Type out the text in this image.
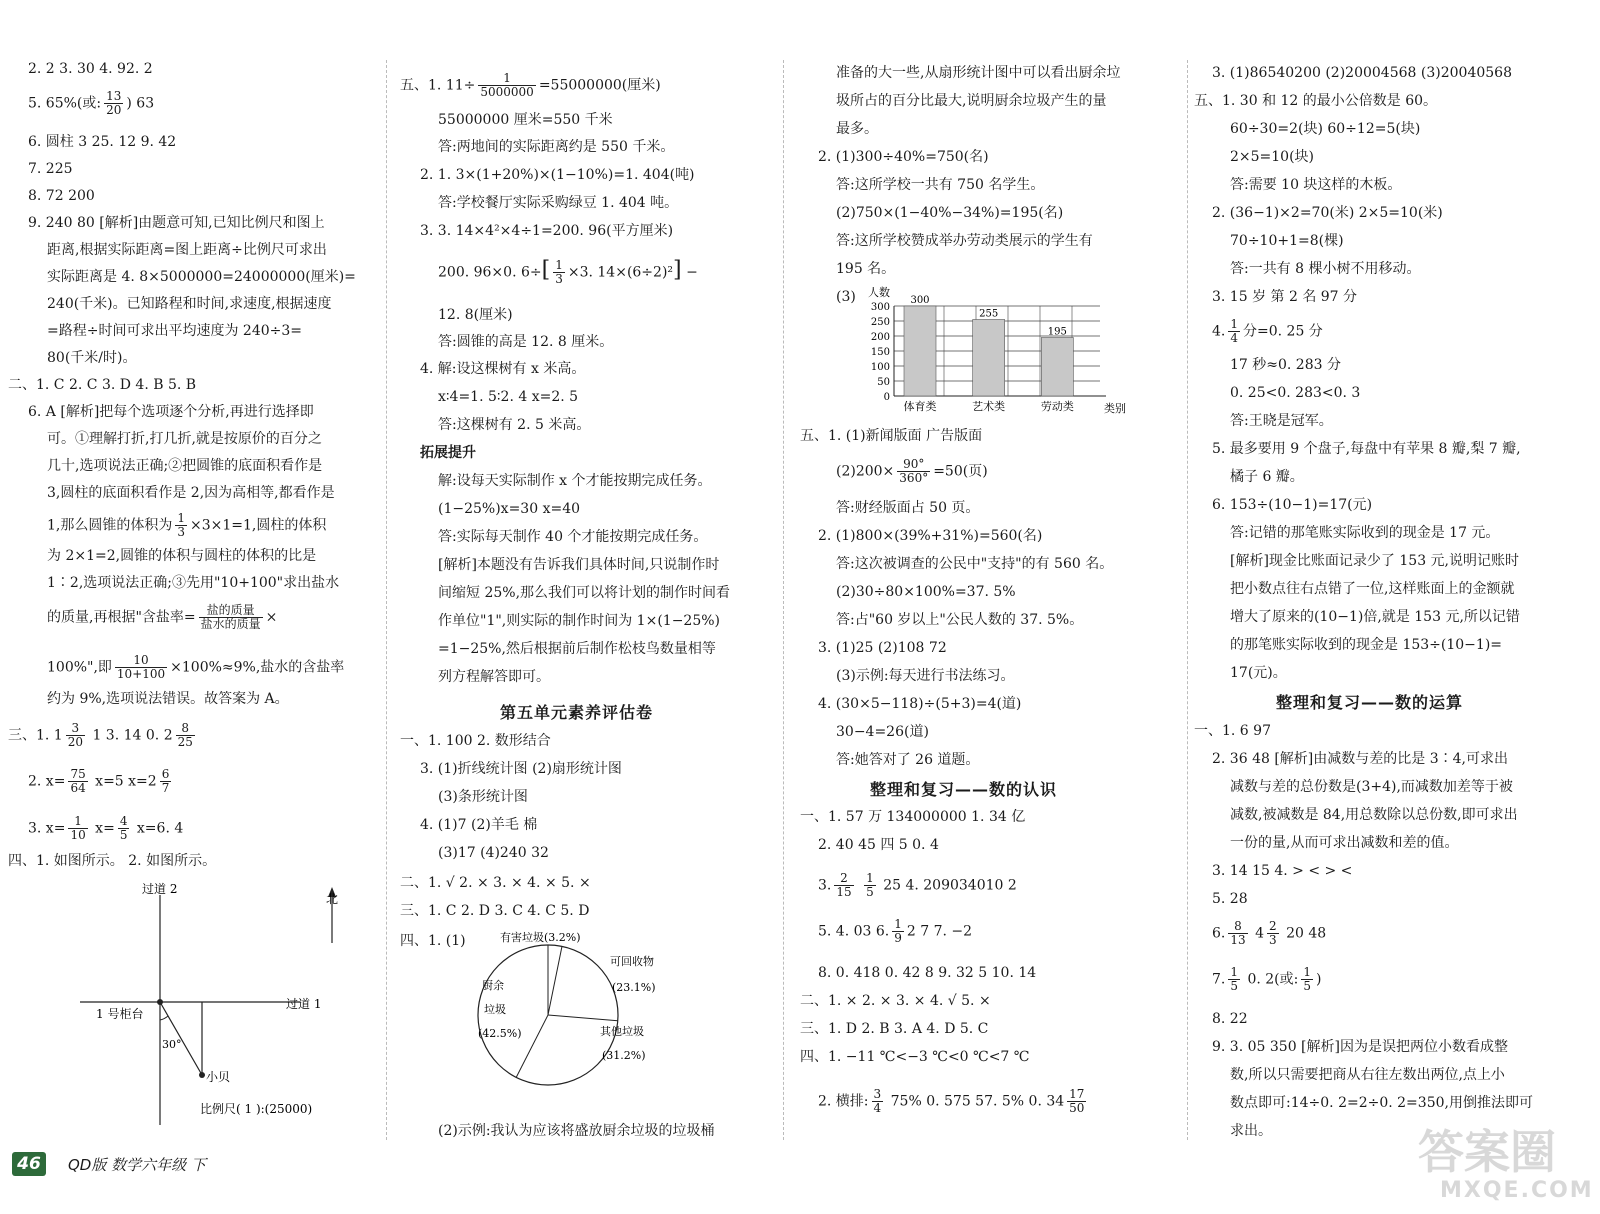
2. 2 3. 30 4. 92. 2
5. 65%(或: $\frac{13}{20}$ ) 63
6. 圆柱 3 25. 12 9. 42
7. 225
8. 72 200
9. 240 80 [解析]由题意可知,已知比例尺和图上
距离,根据实际距离=图上距离÷比例尺可求出
实际距离是 4. 8×5000000=24000000(厘米)=
240(千米)。已知路程和时间,求速度,根据速度
=路程÷时间可求出平均速度为 240÷3=
80(千米/时)。
二、1. C 2. C 3. D 4. B 5. B
6. A [解析]把每个选项逐个分析,再进行选择即
可。①理解打折,打几折,就是按原价的百分之
几十,选项说法正确;②把圆锥的底面积看作是
3,圆柱的底面积看作是 2,因为高相等,都看作是
1,那么圆锥的体积为 $\frac{1}{3} \times 3\times 1=1$,圆柱的体积
为 2×1=2,圆锥的体积与圆柱的体积的比是
1∶2,选项说法正确;③先用"10+100"求出盐水
的质量,再根据"含盐率= $\frac{\text{盐的质量}}{\text{盐水的质量}}$ ×
100%",即 $\frac{10}{10+100} \times 100\%\approx 9\%$,盐水的含盐率
约为 9%,选项说法错误。故答案为 A。
三、1. $1 \frac{3}{20} 1$ 3. 14 0. $2 \frac{8}{25}$
2. $x= \frac{75}{64} x=5$ $x=2 \frac{6}{7}$
3. $x= \frac{1}{10} x= \frac{4}{5} x=6$. 4
四、1. 如图所示。 2. 如图所示。
过道 2
过道 1
1 号柜台
30°
小贝
比例尺( 1 ):(25000)
北
五、1. $11\div \frac{1}{5000000} =55000000$(厘米)
55000000 厘米=550 千米
答:两地间的实际距离约是 550 千米。
2. 1. 3×(1+20%)×(1−10%)=1. 404(吨)
答:学校餐厅实际采购绿豆 1. 404 吨。
3. 3. 14×4²×4÷1=200. 96(平方厘米)
200. 96×0. $6\div[ \frac{1}{3} \times 3$. 14×(6÷2)²] −
12. 8(厘米)
答:圆锥的高是 12. 8 厘米。
4. 解:设这棵树有 x 米高。
x∶4=1. 5∶2. 4 x=2. 5
答:这棵树有 2. 5 米高。
拓展提升
解:设每天实际制作 x 个才能按期完成任务。
(1−25%)x=30 x=40
答:实际每天制作 40 个才能按期完成任务。
[解析]本题没有告诉我们具体时间,只说制作时
间缩短 25%,那么我们可以将计划的制作时间看
作单位"1",则实际的制作时间为 1×(1−25%)
=1−25%,然后根据前后制作松枝鸟数量相等
列方程解答即可。
第五单元素养评估卷
一、1. 100 2. 数形结合
3. (1)折线统计图 (2)扇形统计图
(3)条形统计图
4. (1)7 (2)羊毛 棉
(3)17 (4)240 32
二、1. √ 2. × 3. × 4. × 5. ×
三、1. C 2. D 3. C 4. C 5. D
四、1. (1)	有害垃圾(3.2%)
可回收物
(23.1%)
厨余
垃圾
(42.5%)	其他垃圾
(31.2%)
(2)示例:我认为应该将盛放厨余垃圾的垃圾桶
准备的大一些,从扇形统计图中可以看出厨余垃
圾所占的百分比最大,说明厨余垃圾产生的量
最多。
2. (1)300÷40%=750(名)
答:这所学校一共有 750 名学生。
(2)750×(1−40%−34%)=195(名)
答:这所学校赞成举办劳动类展示的学生有
195 名。
(3) 人数
0
50
100
150
200
250
300
300
体育类
255
艺术类
195
劳动类	类别
五、1. (1)新闻版面 广告版面
$(2)200\times \frac{90^\circ}{360^\circ} =50$(页)
答:财经版面占 50 页。
2. (1)800×(39%+31%)=560(名)
答:这次被调查的公民中"支持"的有 560 名。
(2)30÷80×100%=37. 5%
答:占"60 岁以上"公民人数的 37. 5%。
3. (1)25 (2)108 72
(3)示例:每天进行书法练习。
4. (30×5−118)÷(5+3)=4(道)
30−4=26(道)
答:她答对了 26 道题。
整理和复习——数的认识
一、1. 57 万 134000000 1. 34 亿
2. 40 45 四 5 0. 4
3. $\frac{2}{15}$
$\frac{1}{5} 25$ 4. 209034010 2
5. 4. 03 6. $\frac{1}{9} 2$ 7 7. −2
8. 0. 418 0. 42 8 9. 32 5 10. 14
二、1. × 2. × 3. × 4. √ 5. ×
三、1. D 2. B 3. A 4. D 5. C
四、1. −11 ℃<−3 ℃<0 ℃<7 ℃
2. 横排: $\frac{3}{4} 75\%$ 0. 575 57. 5% 0. $34 \frac{17}{50}$
3. (1)86540200 (2)20004568 (3)20040568
五、1. 30 和 12 的最小公倍数是 60。
60÷30=2(块) 60÷12=5(块)
2×5=10(块)
答:需要 10 块这样的木板。
2. (36−1)×2=70(米) 2×5=10(米)
70÷10+1=8(棵)
答:一共有 8 棵小树不用移动。
3. 15 岁 第 2 名 97 分
4. $\frac{1}{4}$ 分=0. 25 分
17 秒≈0. 283 分
0. 25<0. 283<0. 3
答:王晓是冠军。
5. 最多要用 9 个盘子,每盘中有苹果 8 瓣,梨 7 瓣,
橘子 6 瓣。
6. 153÷(10−1)=17(元)
答:记错的那笔账实际收到的现金是 17 元。
[解析]现金比账面记录少了 153 元,说明记账时
把小数点往右点错了一位,这样账面上的金额就
增大了原来的(10−1)倍,就是 153 元,所以记错
的那笔账实际收到的现金是 153÷(10−1)=
17(元)。
整理和复习——数的运算
一、1. 6 97
2. 36 48 [解析]由减数与差的比是 3∶4,可求出
减数与差的总份数是(3+4),而减数加差等于被
减数,被减数是 84,用总数除以总份数,即可求出
一份的量,从而可求出减数和差的值。
3. 14 15 4. > < > <
5. 28
6. $\frac{8}{13} 4 \frac{2}{3} 20$ 48
7. $\frac{1}{5} 0$. 2(或: $\frac{1}{5}$ )
8. 22
9. 3. 05 350 [解析]因为是误把两位小数看成整
数,所以只需要把商从右往左数出两位,点上小
数点即可:14÷0. 2=2÷0. 2=350,用倒推法即可
求出。
46	QD版 数学六年级 下	答案圈
MXQE.COM
